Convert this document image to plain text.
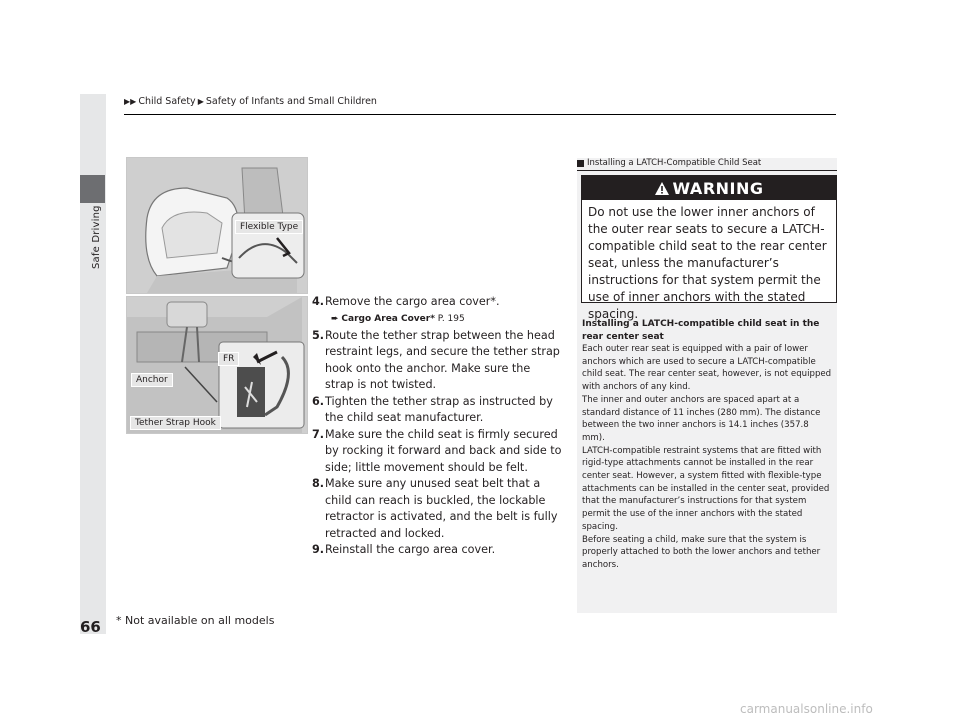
Safe Driving
▶▶ Child Safety ▶ Safety of Infants and Small Children
Flexible Type
FR
Anchor
Tether Strap Hook
4. Remove the cargo area cover*.
➨ Cargo Area Cover* P. 195
5. Route the tether strap between the head restraint legs, and secure the tether strap hook onto the anchor. Make sure the strap is not twisted.
6. Tighten the tether strap as instructed by the child seat manufacturer.
7. Make sure the child seat is firmly secured by rocking it forward and back and side to side; little movement should be felt.
8. Make sure any unused seat belt that a child can reach is buckled, the lockable retractor is activated, and the belt is fully retracted and locked.
9. Reinstall the cargo area cover.
Installing a LATCH-Compatible Child Seat
WARNING
Do not use the lower inner anchors of the outer rear seats to secure a LATCH-compatible child seat to the rear center seat, unless the manufacturer’s instructions for that system permit the use of inner anchors with the stated spacing.
Installing a LATCH-compatible child seat in the rear center seat
Each outer rear seat is equipped with a pair of lower anchors which are used to secure a LATCH-compatible child seat. The rear center seat, however, is not equipped with anchors of any kind.
The inner and outer anchors are spaced apart at a standard distance of 11 inches (280 mm). The distance between the two inner anchors is 14.1 inches (357.8 mm).
LATCH-compatible restraint systems that are fitted with rigid-type attachments cannot be installed in the rear center seat. However, a system fitted with flexible-type attachments can be installed in the center seat, provided that the manufacturer’s instructions for that system permit the use of the inner anchors with the stated spacing.
Before seating a child, make sure that the system is properly attached to both the lower anchors and tether anchors.
66 * Not available on all models
carmanualsonline.info
